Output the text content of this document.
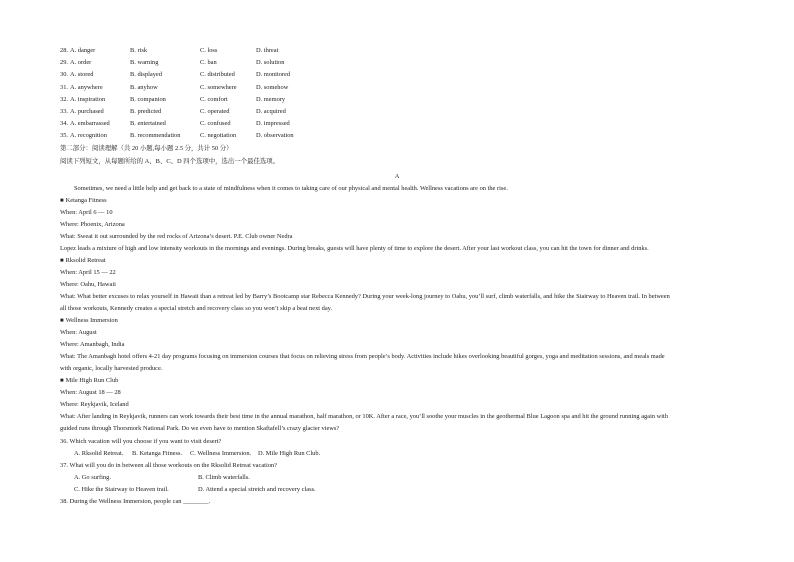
28. A. danger	B. risk	C. loss	D. threat
29. A. order	B. warning	C. ban	D. solution
30. A. stored	B. displayed	C. distributed	D. monitored
31. A. anywhere	B. anyhow	C. somewhere	D. somehow
32. A. inspiration	B. companion	C. comfort	D. memory
33. A. purchased	B. predicted	C. operated	D. acquired
34. A. embarrassed	B. entertained	C. confused	D. impressed
35. A. recognition	B. recommendation	C. negotiation	D. observation
第二部分：阅读理解（共 20 小题,每小题 2.5 分，共计 50 分）
阅读下列短文，从每题所给的 A、B、C、D 四个选项中，选出一个最佳选项。
A
Sometimes, we need a little help and get back to a state of mindfulness when it comes to taking care of our physical and mental health. Wellness vacations are on the rise.
■ Ketanga Fitness
When: April 6 — 10
Where: Phoenix, Arizona
What: Sweat it out surrounded by the red rocks of Arizona’s desert. P.E. Club owner Nedra
Lopez leads a mixture of high and low intensity workouts in the mornings and evenings. During breaks, guests will have plenty of time to explore the desert. After your last workout class, you can hit the town for dinner and drinks.
■ Rksolid Retreat
When: April 15 — 22
Where: Oahu, Hawaii
What: What better excuses to relax yourself in Hawaii than a retreat led by Barry’s Bootcamp star Rebecca Kennedy? During your week-long journey to Oahu, you’ll surf, climb waterfalls, and hike the Stairway to Heaven trail. In between
all those workouts, Kennedy creates a special stretch and recovery class so you won’t skip a beat next day.
■ Wellness Immersion
When: August
Where: Amanbagh, India
What: The Amanbagh hotel offers 4-21 day programs focusing on immersion courses that focus on relieving stress from people’s body. Activities include hikes overlooking beautiful gorges, yoga and meditation sessions, and meals made
with organic, locally harvested produce.
■ Mile High Run Club
When: August 18 — 28
Where: Reykjavik, Iceland
What: After landing in Reykjavik, runners can work towards their best time in the annual marathon, half marathon, or 10K. After a race, you’ll soothe your muscles in the geothermal Blue Lagoon spa and hit the ground running again with
guided runs through Thorsmork National Park. Do we even have to mention Skaftafell’s crazy glacier views?
36. Which vacation will you choose if you want to visit desert?
A. Rksolid Retreat. B. Ketanga Fitness. C. Wellness Immersion. D. Mile High Run Club.
37. What will you do in between all those workouts on the Rksolid Retreat vacation?
A. Go surfing.	B. Climb waterfalls.
C. Hike the Stairway to Heaven trail.	D. Attend a special stretch and recovery class.
38. During the Wellness Immersion, people can ________.
